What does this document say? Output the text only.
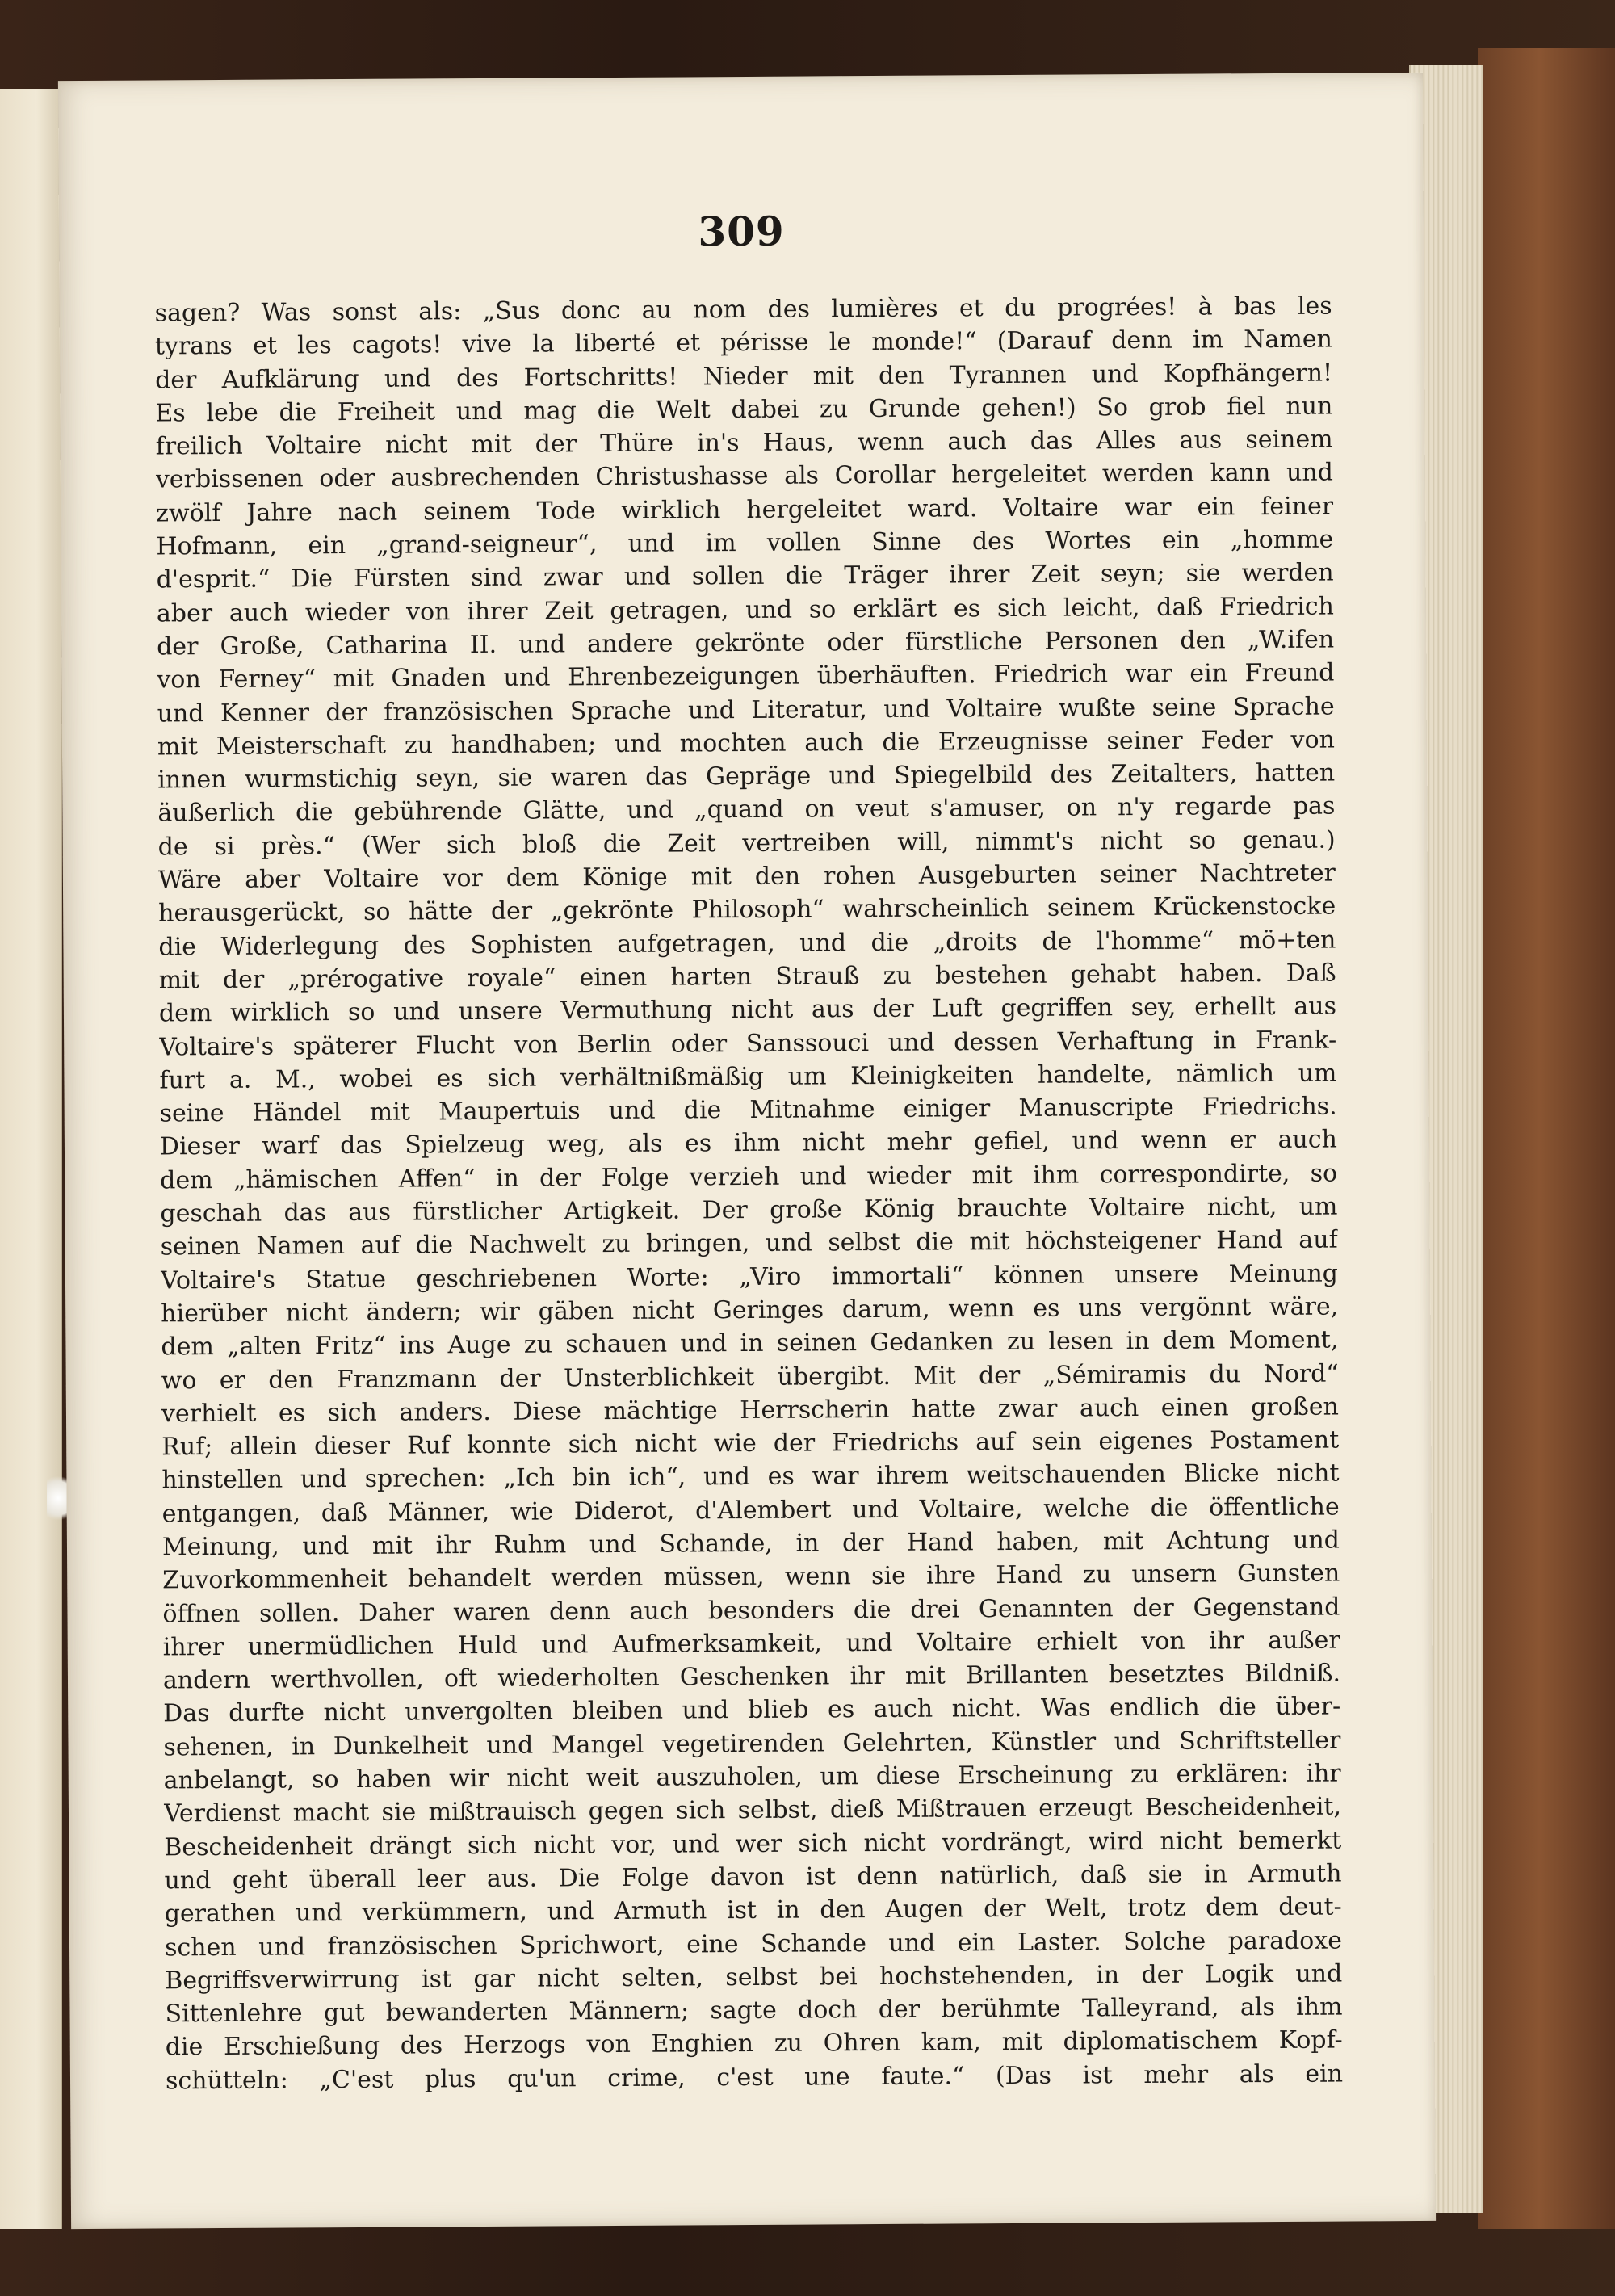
309
sagen? Was sonst als: „Sus donc au nom des lumières et du progrées! à bas les
tyrans et les cagots! vive la liberté et périsse le monde!“ (Darauf denn im Namen
der Aufklärung und des Fortschritts! Nieder mit den Tyrannen und Kopfhängern!
Es lebe die Freiheit und mag die Welt dabei zu Grunde gehen!) So grob fiel nun
freilich Voltaire nicht mit der Thüre in's Haus, wenn auch das Alles aus seinem
verbissenen oder ausbrechenden Christushasse als Corollar hergeleitet werden kann und
zwölf Jahre nach seinem Tode wirklich hergeleitet ward. Voltaire war ein feiner
Hofmann, ein „grand-seigneur“, und im vollen Sinne des Wortes ein „homme
d'esprit.“ Die Fürsten sind zwar und sollen die Träger ihrer Zeit seyn; sie werden
aber auch wieder von ihrer Zeit getragen, und so erklärt es sich leicht, daß Friedrich
der Große, Catharina II. und andere gekrönte oder fürstliche Personen den „W.ifen
von Ferney“ mit Gnaden und Ehrenbezeigungen überhäuften. Friedrich war ein Freund
und Kenner der französischen Sprache und Literatur, und Voltaire wußte seine Sprache
mit Meisterschaft zu handhaben; und mochten auch die Erzeugnisse seiner Feder von
innen wurmstichig seyn, sie waren das Gepräge und Spiegelbild des Zeitalters, hatten
äußerlich die gebührende Glätte, und „quand on veut s'amuser, on n'y regarde pas
de si près.“ (Wer sich bloß die Zeit vertreiben will, nimmt's nicht so genau.)
Wäre aber Voltaire vor dem Könige mit den rohen Ausgeburten seiner Nachtreter
herausgerückt, so hätte der „gekrönte Philosoph“ wahrscheinlich seinem Krückenstocke
die Widerlegung des Sophisten aufgetragen, und die „droits de l'homme“ mö+ten
mit der „prérogative royale“ einen harten Strauß zu bestehen gehabt haben. Daß
dem wirklich so und unsere Vermuthung nicht aus der Luft gegriffen sey, erhellt aus
Voltaire's späterer Flucht von Berlin oder Sanssouci und dessen Verhaftung in Frank-
furt a. M., wobei es sich verhältnißmäßig um Kleinigkeiten handelte, nämlich um
seine Händel mit Maupertuis und die Mitnahme einiger Manuscripte Friedrichs.
Dieser warf das Spielzeug weg, als es ihm nicht mehr gefiel, und wenn er auch
dem „hämischen Affen“ in der Folge verzieh und wieder mit ihm correspondirte, so
geschah das aus fürstlicher Artigkeit. Der große König brauchte Voltaire nicht, um
seinen Namen auf die Nachwelt zu bringen, und selbst die mit höchsteigener Hand auf
Voltaire's Statue geschriebenen Worte: „Viro immortali“ können unsere Meinung
hierüber nicht ändern; wir gäben nicht Geringes darum, wenn es uns vergönnt wäre,
dem „alten Fritz“ ins Auge zu schauen und in seinen Gedanken zu lesen in dem Moment,
wo er den Franzmann der Unsterblichkeit übergibt. Mit der „Sémiramis du Nord“
verhielt es sich anders. Diese mächtige Herrscherin hatte zwar auch einen großen
Ruf; allein dieser Ruf konnte sich nicht wie der Friedrichs auf sein eigenes Postament
hinstellen und sprechen: „Ich bin ich“, und es war ihrem weitschauenden Blicke nicht
entgangen, daß Männer, wie Diderot, d'Alembert und Voltaire, welche die öffentliche
Meinung, und mit ihr Ruhm und Schande, in der Hand haben, mit Achtung und
Zuvorkommenheit behandelt werden müssen, wenn sie ihre Hand zu unsern Gunsten
öffnen sollen. Daher waren denn auch besonders die drei Genannten der Gegenstand
ihrer unermüdlichen Huld und Aufmerksamkeit, und Voltaire erhielt von ihr außer
andern werthvollen, oft wiederholten Geschenken ihr mit Brillanten besetztes Bildniß.
Das durfte nicht unvergolten bleiben und blieb es auch nicht. Was endlich die über-
sehenen, in Dunkelheit und Mangel vegetirenden Gelehrten, Künstler und Schriftsteller
anbelangt, so haben wir nicht weit auszuholen, um diese Erscheinung zu erklären: ihr
Verdienst macht sie mißtrauisch gegen sich selbst, dieß Mißtrauen erzeugt Bescheidenheit,
Bescheidenheit drängt sich nicht vor, und wer sich nicht vordrängt, wird nicht bemerkt
und geht überall leer aus. Die Folge davon ist denn natürlich, daß sie in Armuth
gerathen und verkümmern, und Armuth ist in den Augen der Welt, trotz dem deut-
schen und französischen Sprichwort, eine Schande und ein Laster. Solche paradoxe
Begriffsverwirrung ist gar nicht selten, selbst bei hochstehenden, in der Logik und
Sittenlehre gut bewanderten Männern; sagte doch der berühmte Talleyrand, als ihm
die Erschießung des Herzogs von Enghien zu Ohren kam, mit diplomatischem Kopf-
schütteln: „C'est plus qu'un crime, c'est une faute.“ (Das ist mehr als ein
